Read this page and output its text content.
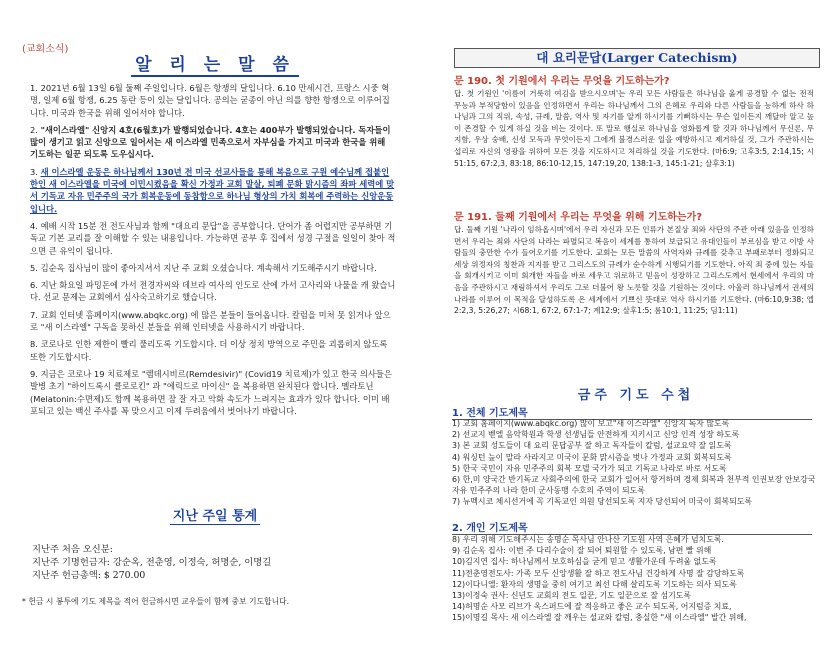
(교회소식)
알 리 는 말 씀
1. 2021년 6월 13일 6월 둘째 주일입니다. 6월은 항쟁의 달입니다. 6.10 만세시건, 프랑스 시중 혁명, 일제 6월 항쟁, 6.25 동란 등이 있는 달입니다. 공의는 굳종이 아닌 의를 향한 항쟁으로 이루어집니다. 미국과 한국을 위해 일어서야 합니다.
2. "새이스라엘" 신앙지 4호(6월호)가 발행되었습니다. 4호는 400부가 발행되었습니다. 독자들이 많이 생기고 읽고 신앙으로 일어서는 새 이스라엘 민족으로서 자부심을 가지고 미국과 한국을 위해 기도하는 일꾼 되도록 도우십시다.
3. 새 이스라엘 운동은 하나님께서 130년 전 미국 선교사들을 통해 복음으로 구원 예수님께 접붙인 한인 새 이스라엘을 미국에 이민시켰음을 확신 가정과 교회 말살, 퇴폐 문화 맑시즘의 좌파 세력에 맞서 기독교 자유 민주주의 국가 회복운동에 동참함으로 하나님 형상의 가치 회복에 주력하는 신앙운동입니다.
4. 예배 시작 15분 전 전도사님과 함께 "대요리 문답"을 공부합니다. 단어가 좀 어렵지만 공부하면 기독교 기본 교리를 잘 이해할 수 있는 내용입니다. 가능하면 공부 후 집에서 성경 구절을 일일이 찾아 적으면 큰 유익이 됩니다.
5. 김순옥 집사님이 많이 좋아지셔서 지난 주 교회 오셨습니다. 계속해서 기도해주시기 바랍니다.
6. 지난 화요일 파밍돈에 가서 전경자씨와 데브라 여사의 인도로 산에 가서 고사리와 나물을 캐 왔습니다. 선교 문제는 교회에서 심사숙고하기로 했습니다.
7. 교회 인터넷 홈페이지(www.abqkc.org) 에 많은 분들이 들어옵니다. 칼럼을 미처 못 읽거나 앞으로 "새 이스라엘" 구독을 못하신 분들을 위해 인터넷을 사용하시기 바랍니다.
8. 코로나로 인한 제한이 빨리 풀리도록 기도합시다. 더 이상 정치 방역으로 주민을 괴롭히지 않도록 또한 기도합시다.
9. 지금은 코로나 19 치료제로 "렘데시비르(Remdesivir)" (Covid19 치료제)가 있고 한국 의사들은 발병 초기 "하이드록시 클로로킨" 과 "에릭드로 마이신" 을 복용하면 완치된다 합니다. 멜라토닌(Melatonin:수면제)도 함께 복용하면 잠 잘 자고 악화 속도가 느려지는 효과가 있다 합니다. 이미 배포되고 있는 백신 주사를 꼭 맞으시고 이제 두려움에서 벗어나기 바랍니다.
지난 주일 통계
지난주 처음 오신분:
지난주 기명헌금자: 강순옥, 전춘영, 이정숙, 허명순, 이명길
지난주 헌금총액: $ 270.00
* 헌금 시 봉투에 기도 제목을 적어 헌금하시면 교우들이 함께 중보 기도합니다.
대 요리문답(Larger Catechism)
문 190. 첫 기원에서 우리는 무엇을 기도하는가?
답. 첫 기원인 '이름이 거룩히 여김을 받으시오며'는 우리 모든 사람들은 하나님을 옳게 공경할 수 없는 전적 무능과 부적당함이 있음을 인정하면서 우리는 하나님께서 그의 은혜로 우리와 다른 사람들을 능하게 하사 하나님과 그의 직위, 속성, 규례, 말씀, 역사 및 자기를 알게 하시기를 기뻐하시는 무슨 일이든지 깨달아 알고 높이 존경할 수 있게 하실 것을 비는 것이다. 또 말로 행실로 하나님을 영화롭게 할 것과 하나님께서 무신론, 무지함, 우상 숭배, 신성 모독과 무엇이든지 그에게 불경스러운 일을 예방하시고 제거하실 것, 그가 주관하시는 섭리로 자신의 영광을 위하여 모든 것을 지도하시고 처리하실 것을 기도한다. (마6:9; 고후3:5, 2:14,15; 시51:15, 67:2,3, 83:18, 86:10-12,15, 147:19,20, 138:1-3, 145:1-21; 살후3:1)
문 191. 둘째 기원에서 우리는 무엇을 위해 기도하는가?
답. 둘째 기원 '나라이 임하옵시며'에서 우리 자신과 모든 인류가 본질상 죄와 사단의 주관 아래 있음을 인정하면서 우리는 죄와 사단의 나라는 파멸되고 복음이 세계를 통하여 보급되고 유대인들이 부르심을 받고 이방 사람들의 충만한 수가 들어오기를 기도한다. 교회는 모든 말씀의 사역자와 규례를 갖추고 부패로부터 정화되고 세상 위정자의 칭찬과 지지를 받고 그리스도의 규례가 순수하게 시행되기를 기도한다. 아직 죄 중에 있는 자들을 회개시키고 이미 회개한 자들을 바로 세우고 위로하고 믿음이 성장하고 그리스도께서 현세에서 우리의 마음을 주관하시고 재림하셔서 우리도 그로 더불어 왕 노릇할 것을 기원하는 것이다. 아울러 하나님께서 권세의 나라를 이루어 이 목적을 달성하도록 온 세계에서 기쁘신 뜻대로 역사 하시기를 기도한다. (마6:10,9:38; 엡2:2,3, 5:26,27; 시68:1, 67:2, 67:1-7; 계12:9; 살후1:5; 롬10:1, 11:25; 딤1:11)
금주 기도 수첩
1. 전체 기도제목
1) 교회 홈페이지(www.abqkc.org) 많이 보고"새 이스라엘" 신앙지 독자 많도록
2) 선교지 벧엘 음악학원과 학생 선생님들 안전하게 지키시고 신앙 인격 성장 하도록
3) 본 교회 성도들이 대 요리 문답공부 잘 하고 독자들이 칼럼, 설교요약 잘 읽도록
4) 워싱턴 늪이 말라 사라지고 미국이 문화 맑시즘을 벗나 가정과 교회 회복되도록
5) 한국 국민이 자유 민주주의 회복 모델 국가가 되고 기독교 나라로 바로 서도록
6) 한,미 양국간 반기독교 사회주의에 한국 교회가 일어서 항거하며 경제 회복과 천부적 인권보장 안보강국 자유 민주주의 나라 한미 군사동맹 수호의 주역이 되도록
7) 뉴멕시코 체시선거에 꼭 기독교인 의원 당선되도록 지자 당선되어 미국이 회복되도록
2. 개인 기도제목
8) 우리 위해 기도해주시는 송명순 목사님 안나산 기도원 사역 은혜가 넘치도록.
9) 김순옥 집사: 이번 주 다리수술이 잘 되어 퇴원할 수 있도록, 남편 빨 위해
10)김지연 집사: 하나님께서 보호하심을 굳게 믿고 생활가운데 두려움 없도록
11)전춘영전도사: 가족 모두 신앙생활 잘 하고 전도사님 건강하게 사명 잘 감당하도록
12)이다니엘: 환자의 생명을 중히 여기고 최선 다해 살리도록 기도하는 의사 되도록
13)이정숙 권사: 신년도 교회의 전도 일꾼, 기도 일꾼으로 잘 섬기도록
14)허명순 사모 리브가 옥스퍼드에 잘 적응하고 좋은 교수 되도록, 어지럼증 치료,
15)이명길 목사: 새 이스라엘 잘 깨우는 설교와 칼럼, 충실한 "새 이스라엘" 발간 위해,
